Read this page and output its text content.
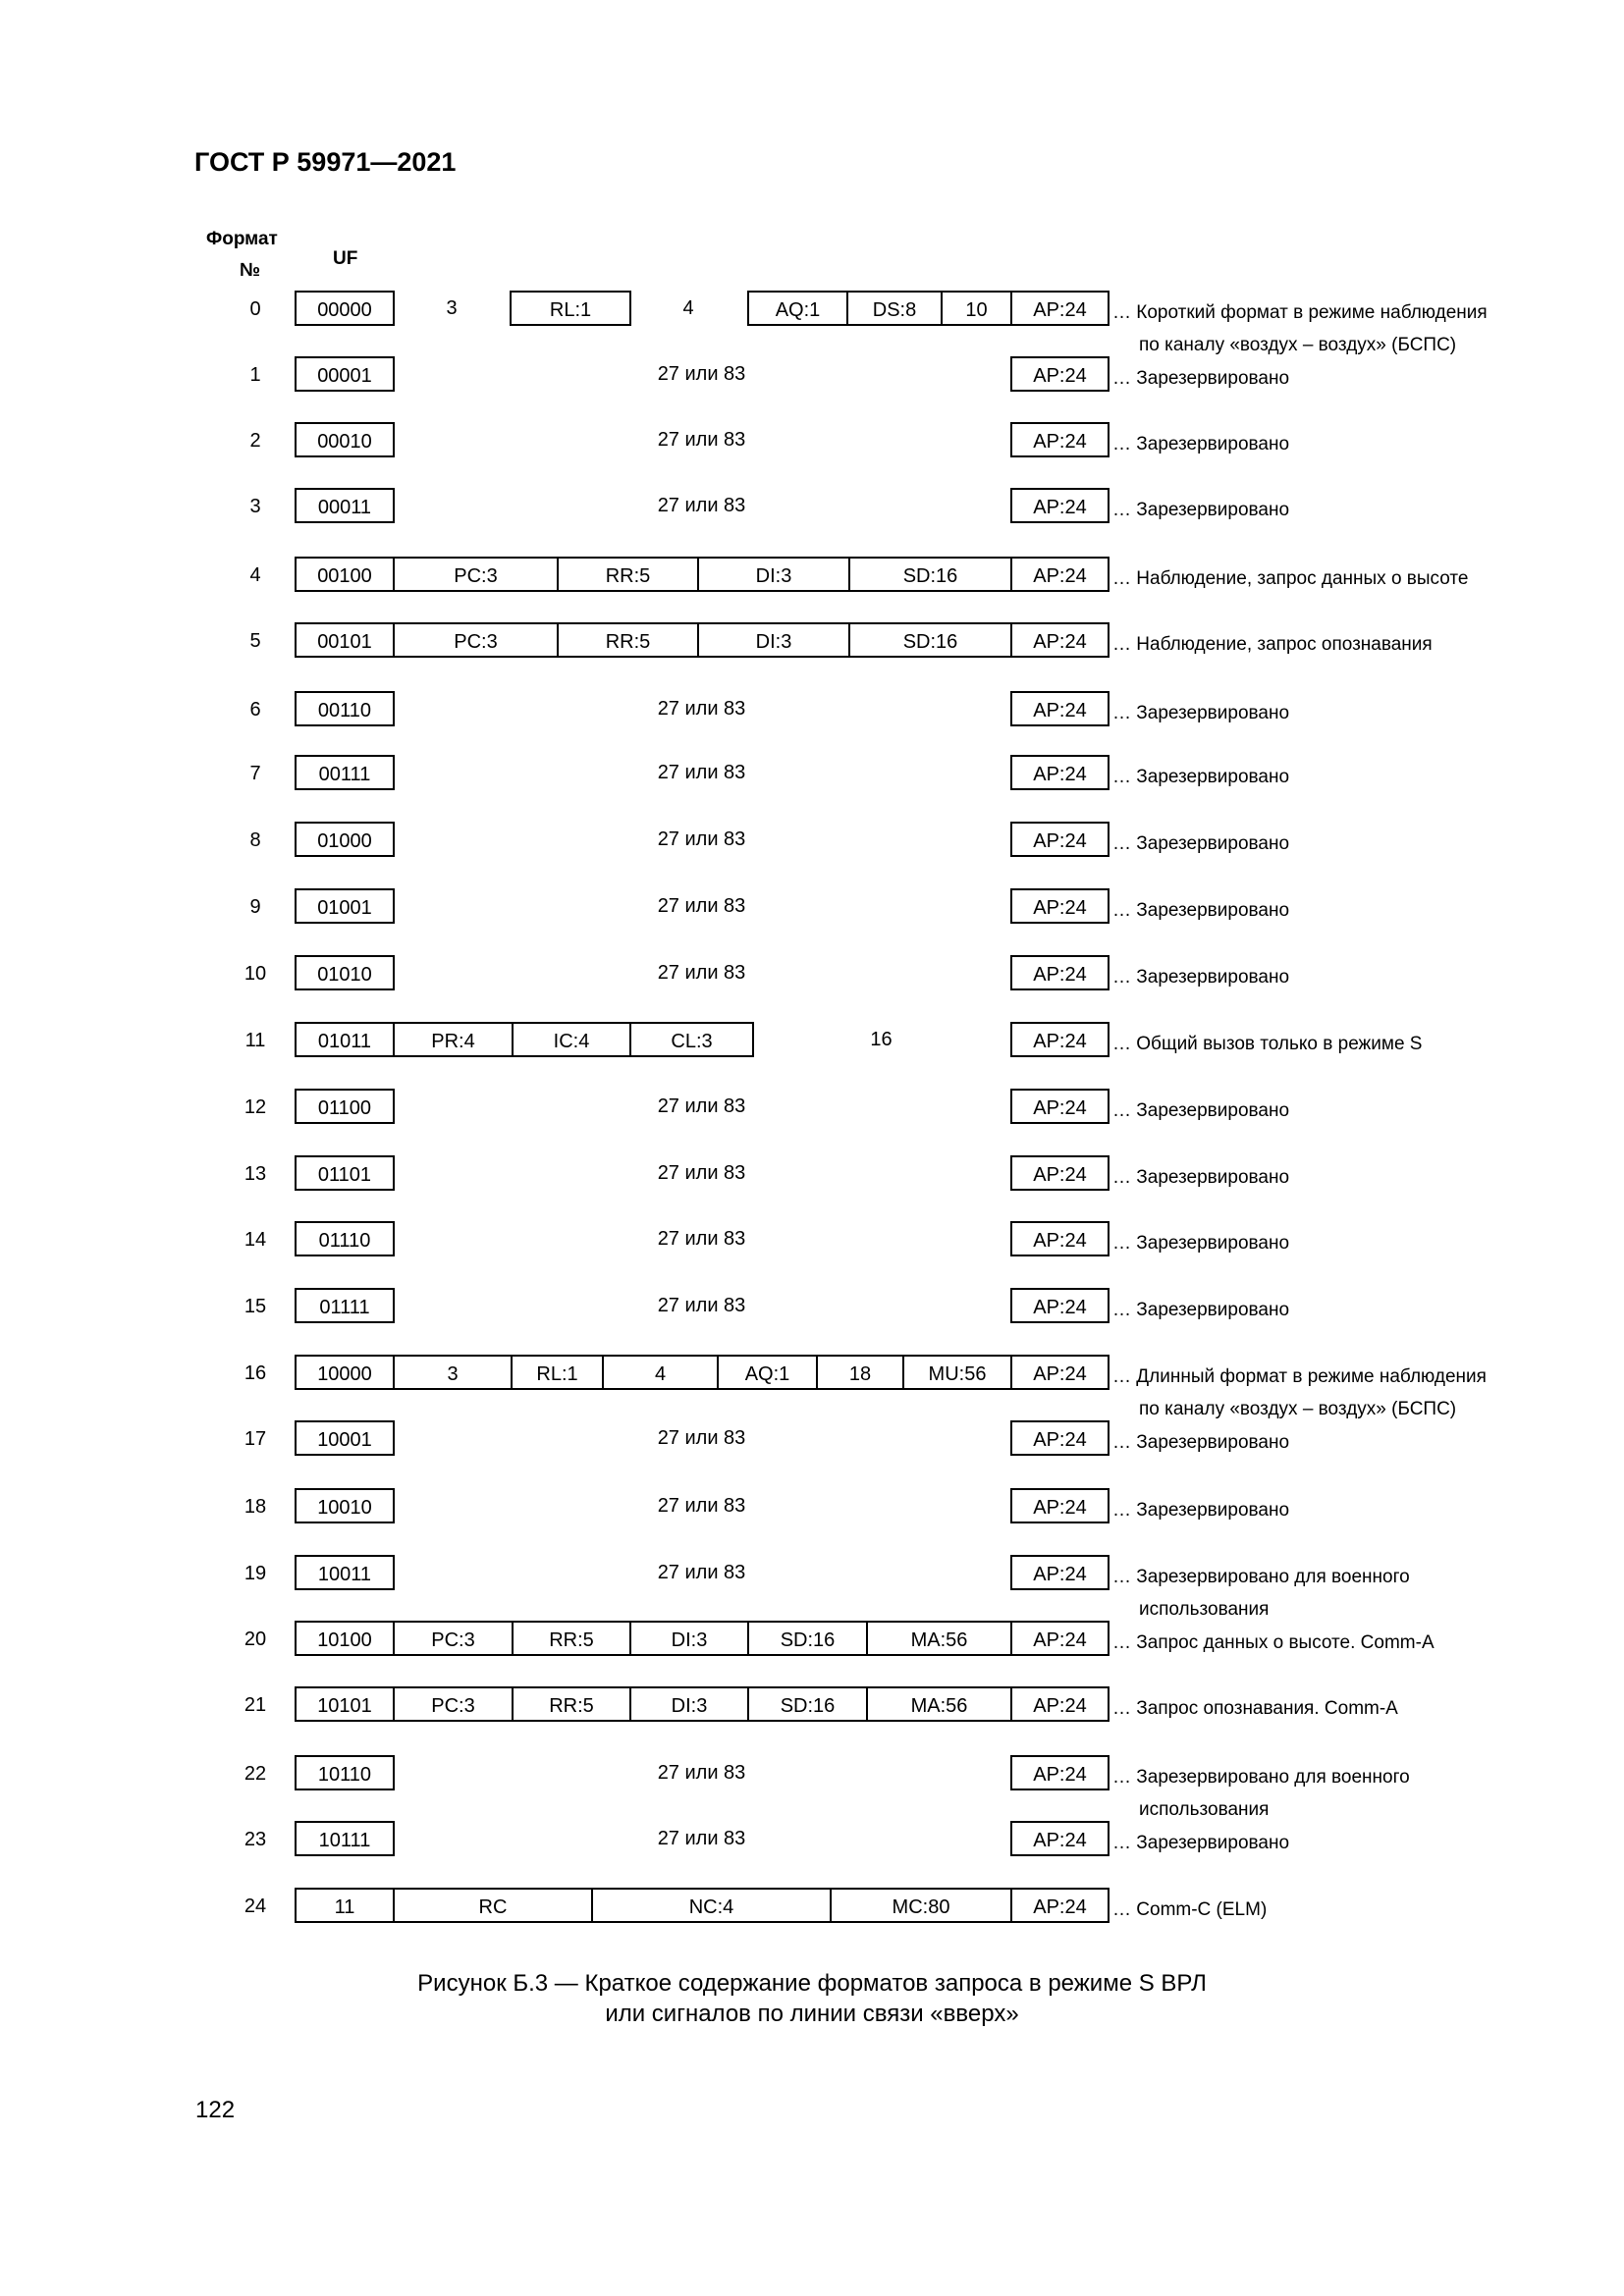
ГОСТ Р 59971—2021
Формат
№
UF
0	00000	3	RL:1	4	AQ:1	DS:8	10	AP:24	… Короткий формат в режиме наблюдения
по каналу «воздух – воздух» (БСПС)
1	00001	27 или 83	AP:24	… Зарезервировано
2	00010	27 или 83	AP:24	… Зарезервировано
3	00011	27 или 83	AP:24	… Зарезервировано
4	00100	PC:3	RR:5	DI:3	SD:16	AP:24	… Наблюдение, запрос данных о высоте
5	00101	PC:3	RR:5	DI:3	SD:16	AP:24	… Наблюдение, запрос опознавания
6	00110	27 или 83	AP:24	… Зарезервировано
7	00111	27 или 83	AP:24	… Зарезервировано
8	01000	27 или 83	AP:24	… Зарезервировано
9	01001	27 или 83	AP:24	… Зарезервировано
10	01010	27 или 83	AP:24	… Зарезервировано
11	01011	PR:4	IC:4	CL:3	16	AP:24	… Общий вызов только в режиме S
12	01100	27 или 83	AP:24	… Зарезервировано
13	01101	27 или 83	AP:24	… Зарезервировано
14	01110	27 или 83	AP:24	… Зарезервировано
15	01111	27 или 83	AP:24	… Зарезервировано
16	10000	3	RL:1	4	AQ:1	18	MU:56	AP:24	… Длинный формат в режиме наблюдения
по каналу «воздух – воздух» (БСПС)
17	10001	27 или 83	AP:24	… Зарезервировано
18	10010	27 или 83	AP:24	… Зарезервировано
19	10011	27 или 83	AP:24	… Зарезервировано для военного
использования
20	10100	PC:3	RR:5	DI:3	SD:16	MA:56	AP:24	… Запрос данных о высоте. Comm-A
21	10101	PC:3	RR:5	DI:3	SD:16	MA:56	AP:24	… Запрос опознавания. Comm-A
22	10110	27 или 83	AP:24	… Зарезервировано для военного
использования
23	10111	27 или 83	AP:24	… Зарезервировано
24	11	RC	NC:4	MC:80	AP:24	… Comm-C (ELM)
Рисунок Б.3 — Краткое содержание форматов запроса в режиме S ВРЛ
или сигналов по линии связи «вверх»
122
